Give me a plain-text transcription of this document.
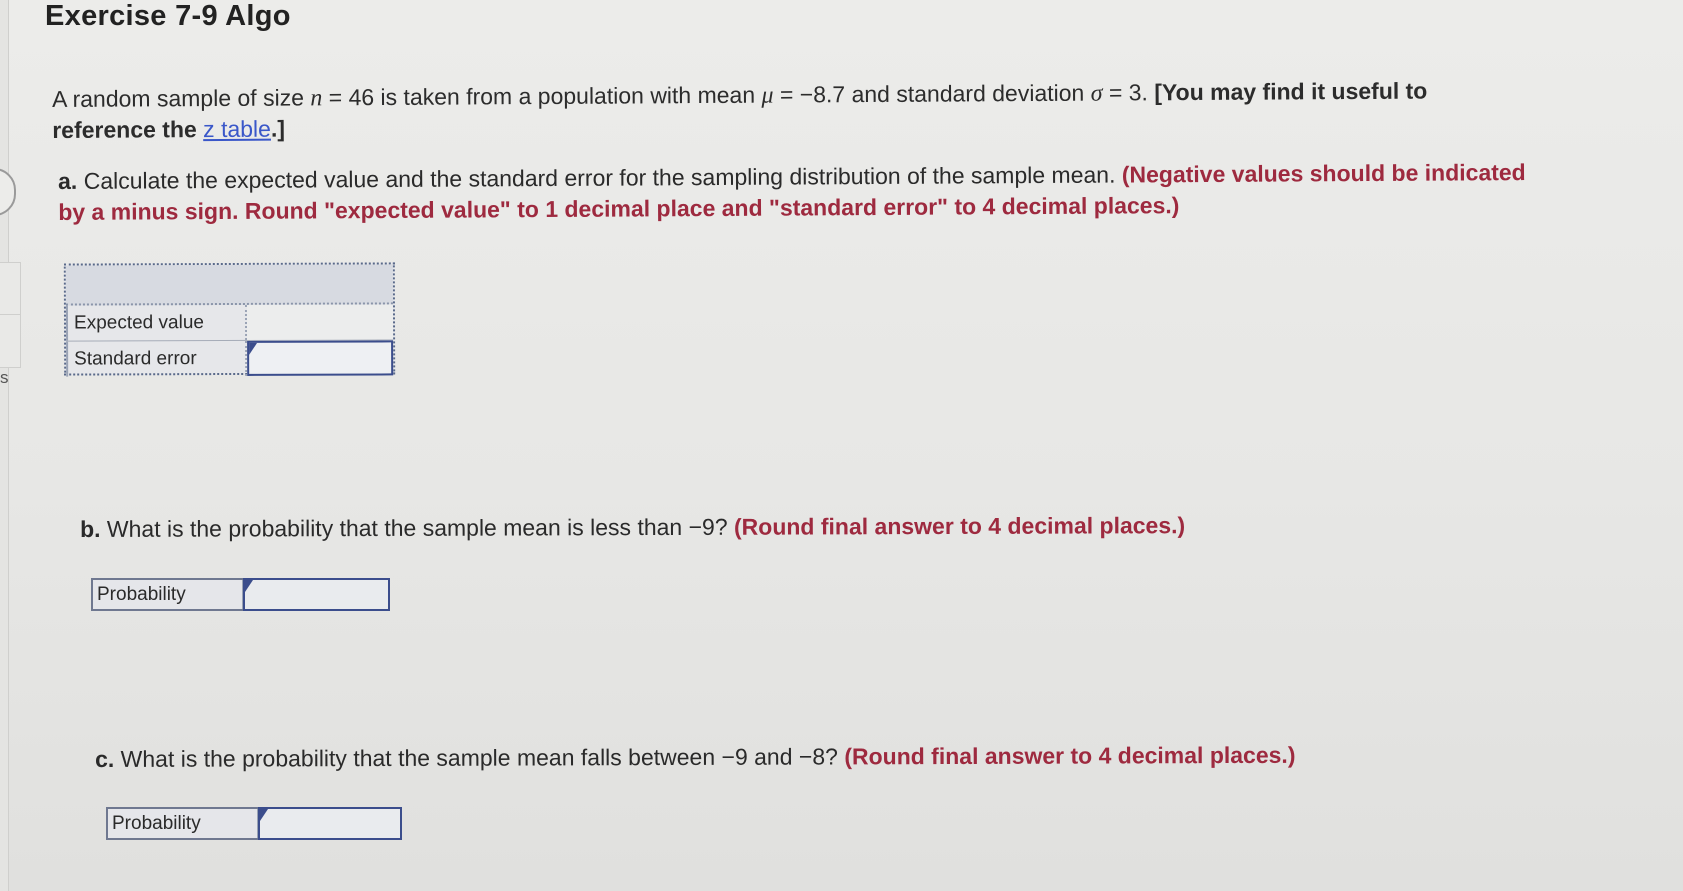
s
Exercise 7-9 Algo
A random sample of size n = 46 is taken from a population with mean μ = −8.7 and standard deviation σ = 3. [You may find it useful to reference the z table.]
a. Calculate the expected value and the standard error for the sampling distribution of the sample mean. (Negative values should be indicated by a minus sign. Round "expected value" to 1 decimal place and "standard error" to 4 decimal places.)
Expected value
Standard error
b. What is the probability that the sample mean is less than −9? (Round final answer to 4 decimal places.)
Probability
c. What is the probability that the sample mean falls between −9 and −8? (Round final answer to 4 decimal places.)
Probability
